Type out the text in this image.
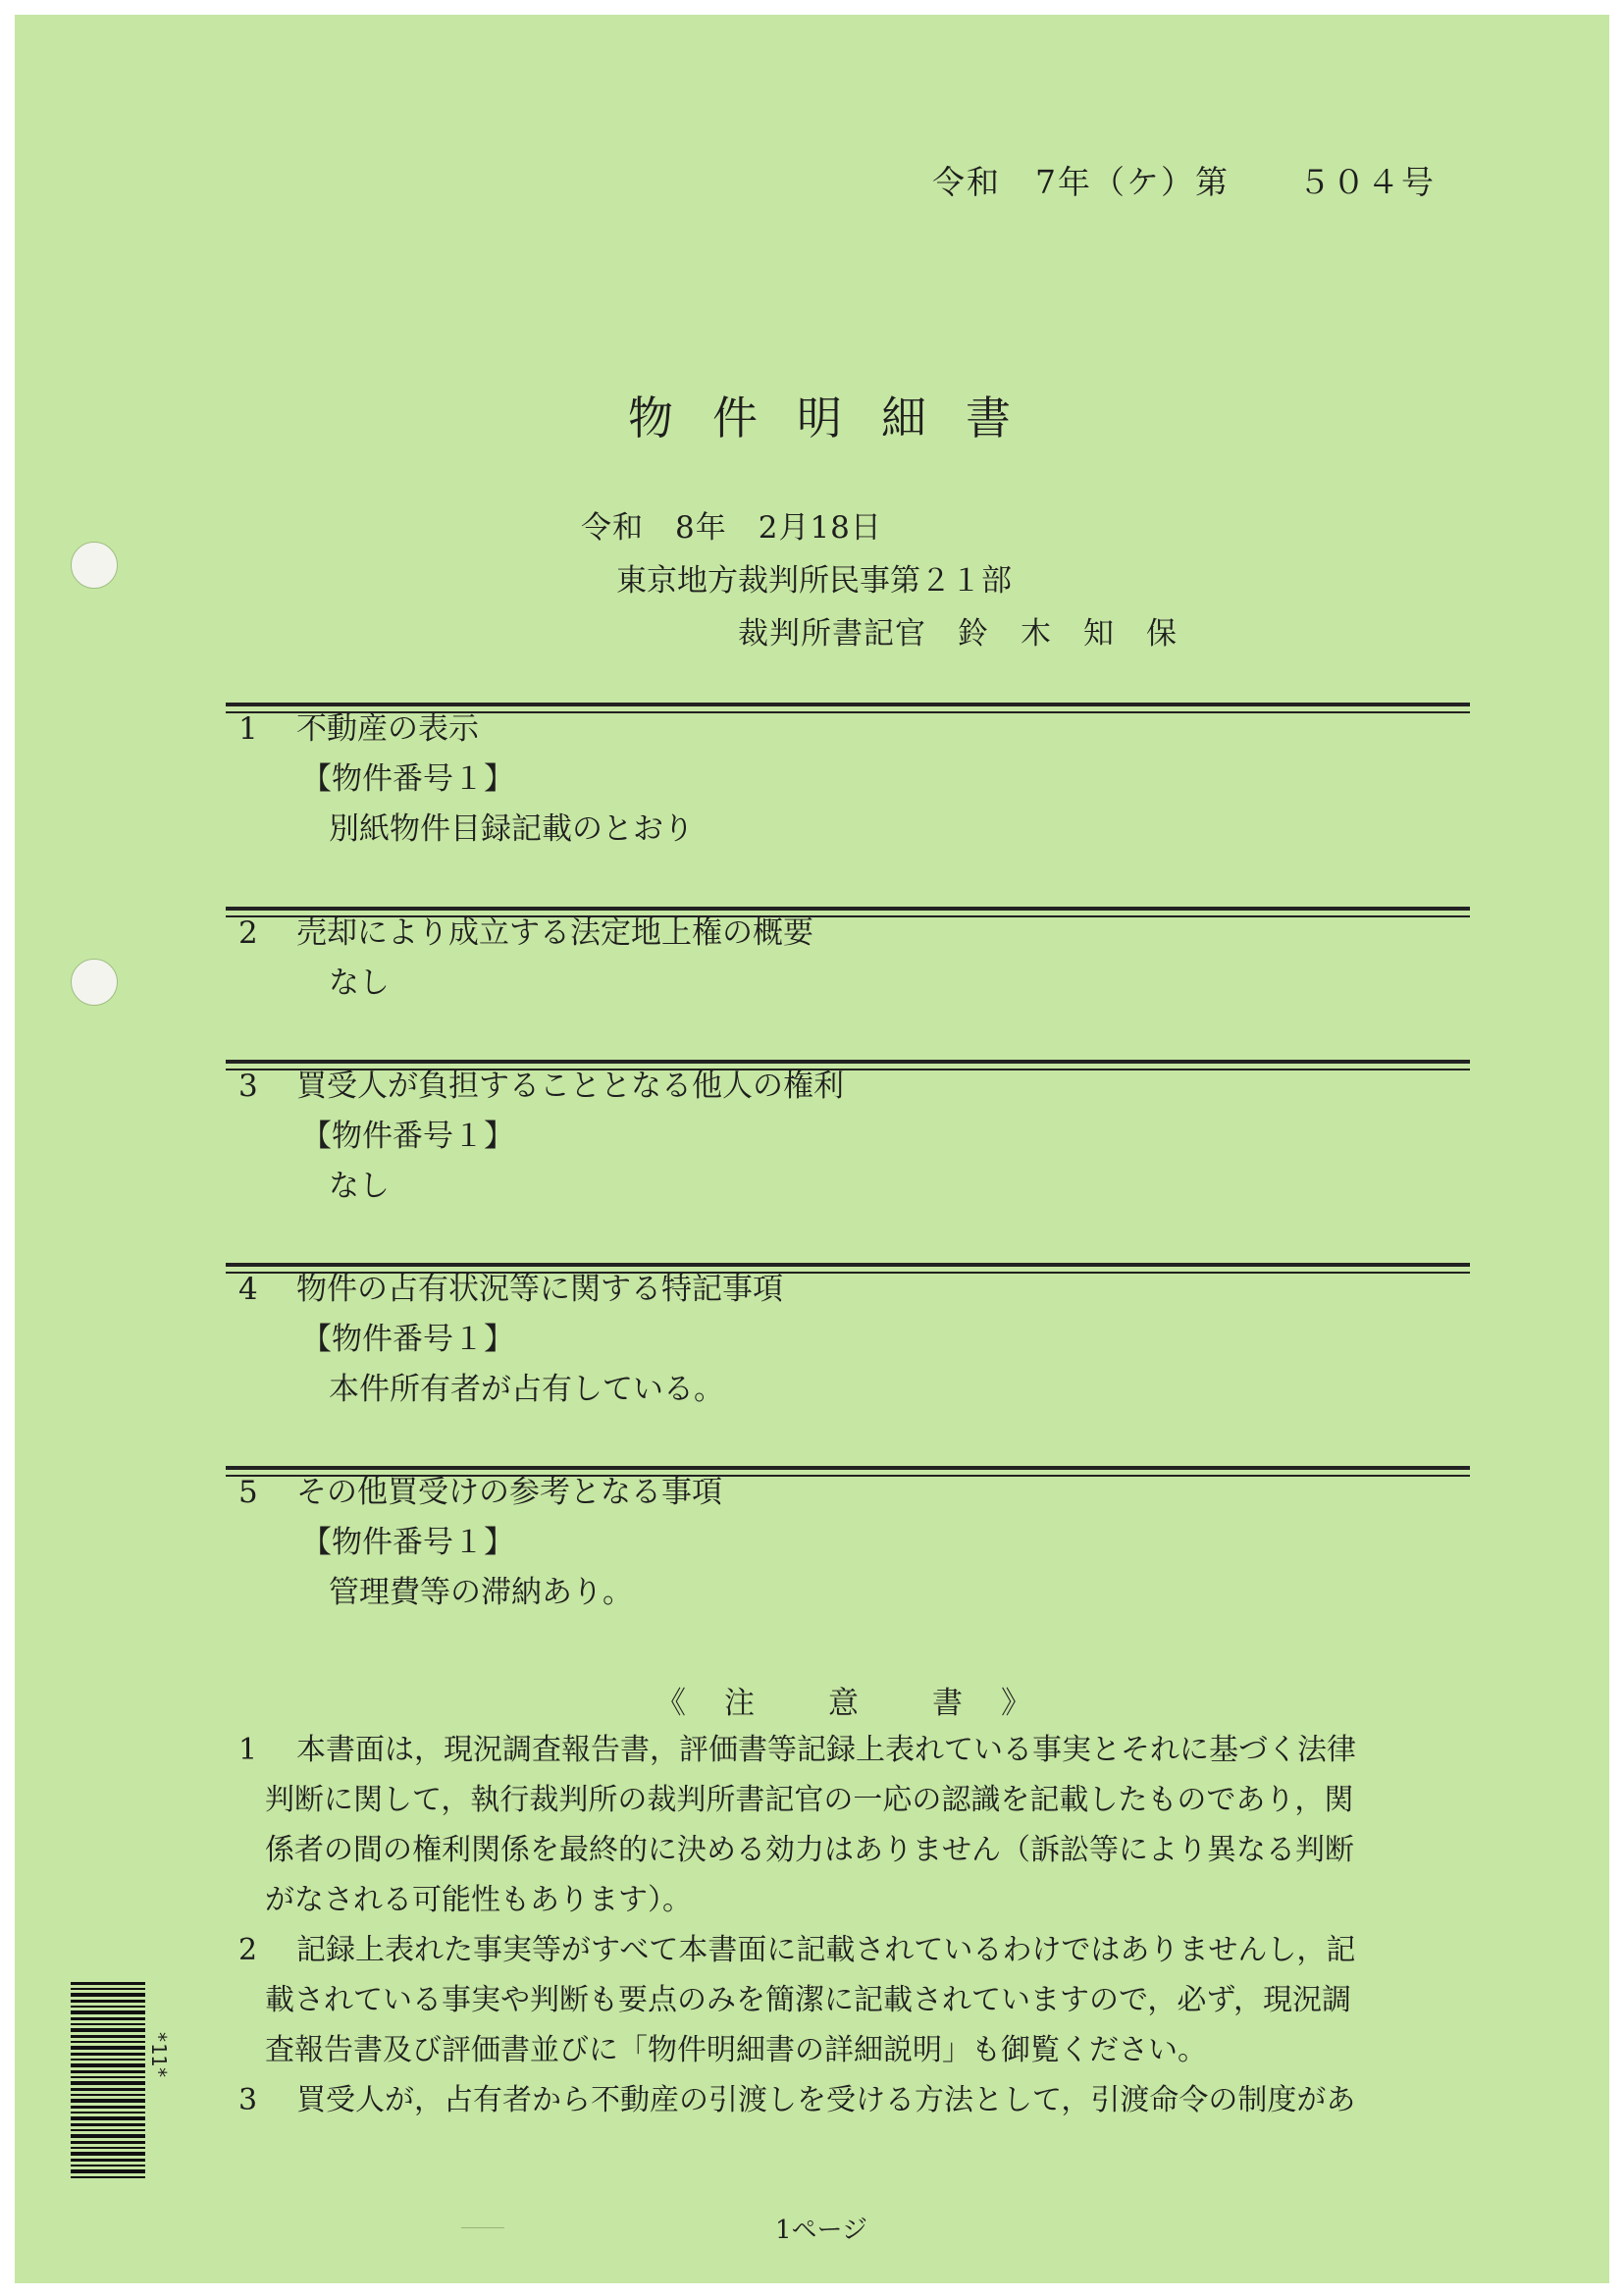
令和　7年（ケ）第　　５０４号
物件明細書
令和　8年　2月18日
東京地方裁判所民事第２１部
裁判所書記官　鈴　木　知　保
1 不動産の表示
【物件番号１】
別紙物件目録記載のとおり
2 売却により成立する法定地上権の概要
なし
3 買受人が負担することとなる他人の権利
【物件番号１】
なし
4 物件の占有状況等に関する特記事項
【物件番号１】
本件所有者が占有している。
5 その他買受けの参考となる事項
【物件番号１】
管理費等の滞納あり。
《 注 意 書 》
1 本書面は，現況調査報告書，評価書等記録上表れている事実とそれに基づく法律
判断に関して，執行裁判所の裁判所書記官の一応の認識を記載したものであり，関
係者の間の権利関係を最終的に決める効力はありません（訴訟等により異なる判断
がなされる可能性もあります）。
2 記録上表れた事実等がすべて本書面に記載されているわけではありませんし，記
載されている事実や判断も要点のみを簡潔に記載されていますので，必ず，現況調
査報告書及び評価書並びに「物件明細書の詳細説明」も御覧ください。
3 買受人が，占有者から不動産の引渡しを受ける方法として，引渡命令の制度があ
*11*
1ページ
